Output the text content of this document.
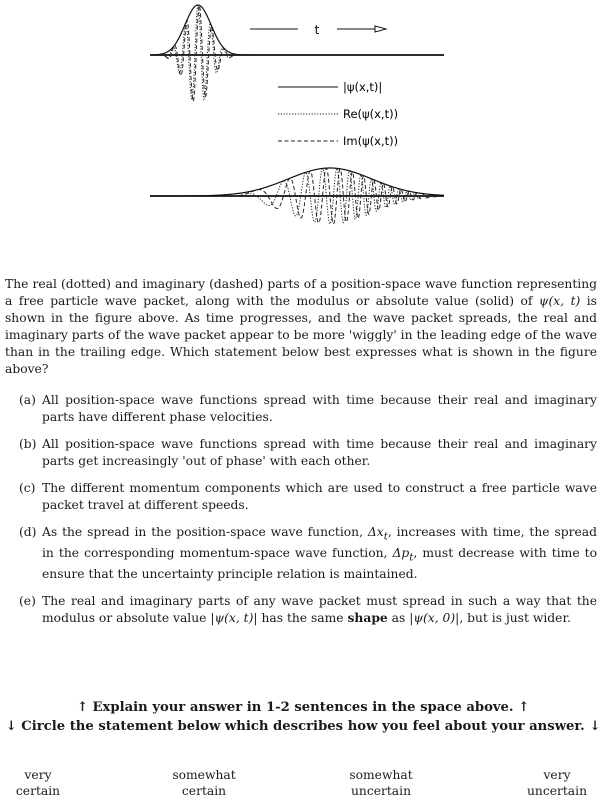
t
|ψ(x,t)|
Re(ψ(x,t))
Im(ψ(x,t))

The real (dotted) and imaginary (dashed) parts of a position-space wave function representing a free particle wave packet, along with the modulus or absolute value (solid) of ψ(x, t) is shown in the figure above. As time progresses, and the wave packet spreads, the real and imaginary parts of the wave packet appear to be more 'wiggly' in the leading edge of the wave than in the trailing edge. Which statement below best expresses what is shown in the figure above?

(a) All position-space wave functions spread with time because their real and imaginary parts have different phase velocities.
(b) All position-space wave functions spread with time because their real and imaginary parts get increasingly 'out of phase' with each other.
(c) The different momentum components which are used to construct a free particle wave packet travel at different speeds.
(d) As the spread in the position-space wave function, $\Delta x_t$, increases with time, the spread in the corresponding momentum-space wave function, $\Delta p_t$, must decrease with time to ensure that the uncertainty principle relation is maintained.
(e) The real and imaginary parts of any wave packet must spread in such a way that the modulus or absolute value |ψ(x, t)| has the same shape as |ψ(x, 0)|, but is just wider.

↑ Explain your answer in 1-2 sentences in the space above. ↑

↓ Circle the statement below which describes how you feel about your answer. ↓

very
certain
somewhat
certain
somewhat
uncertain
very
uncertain
